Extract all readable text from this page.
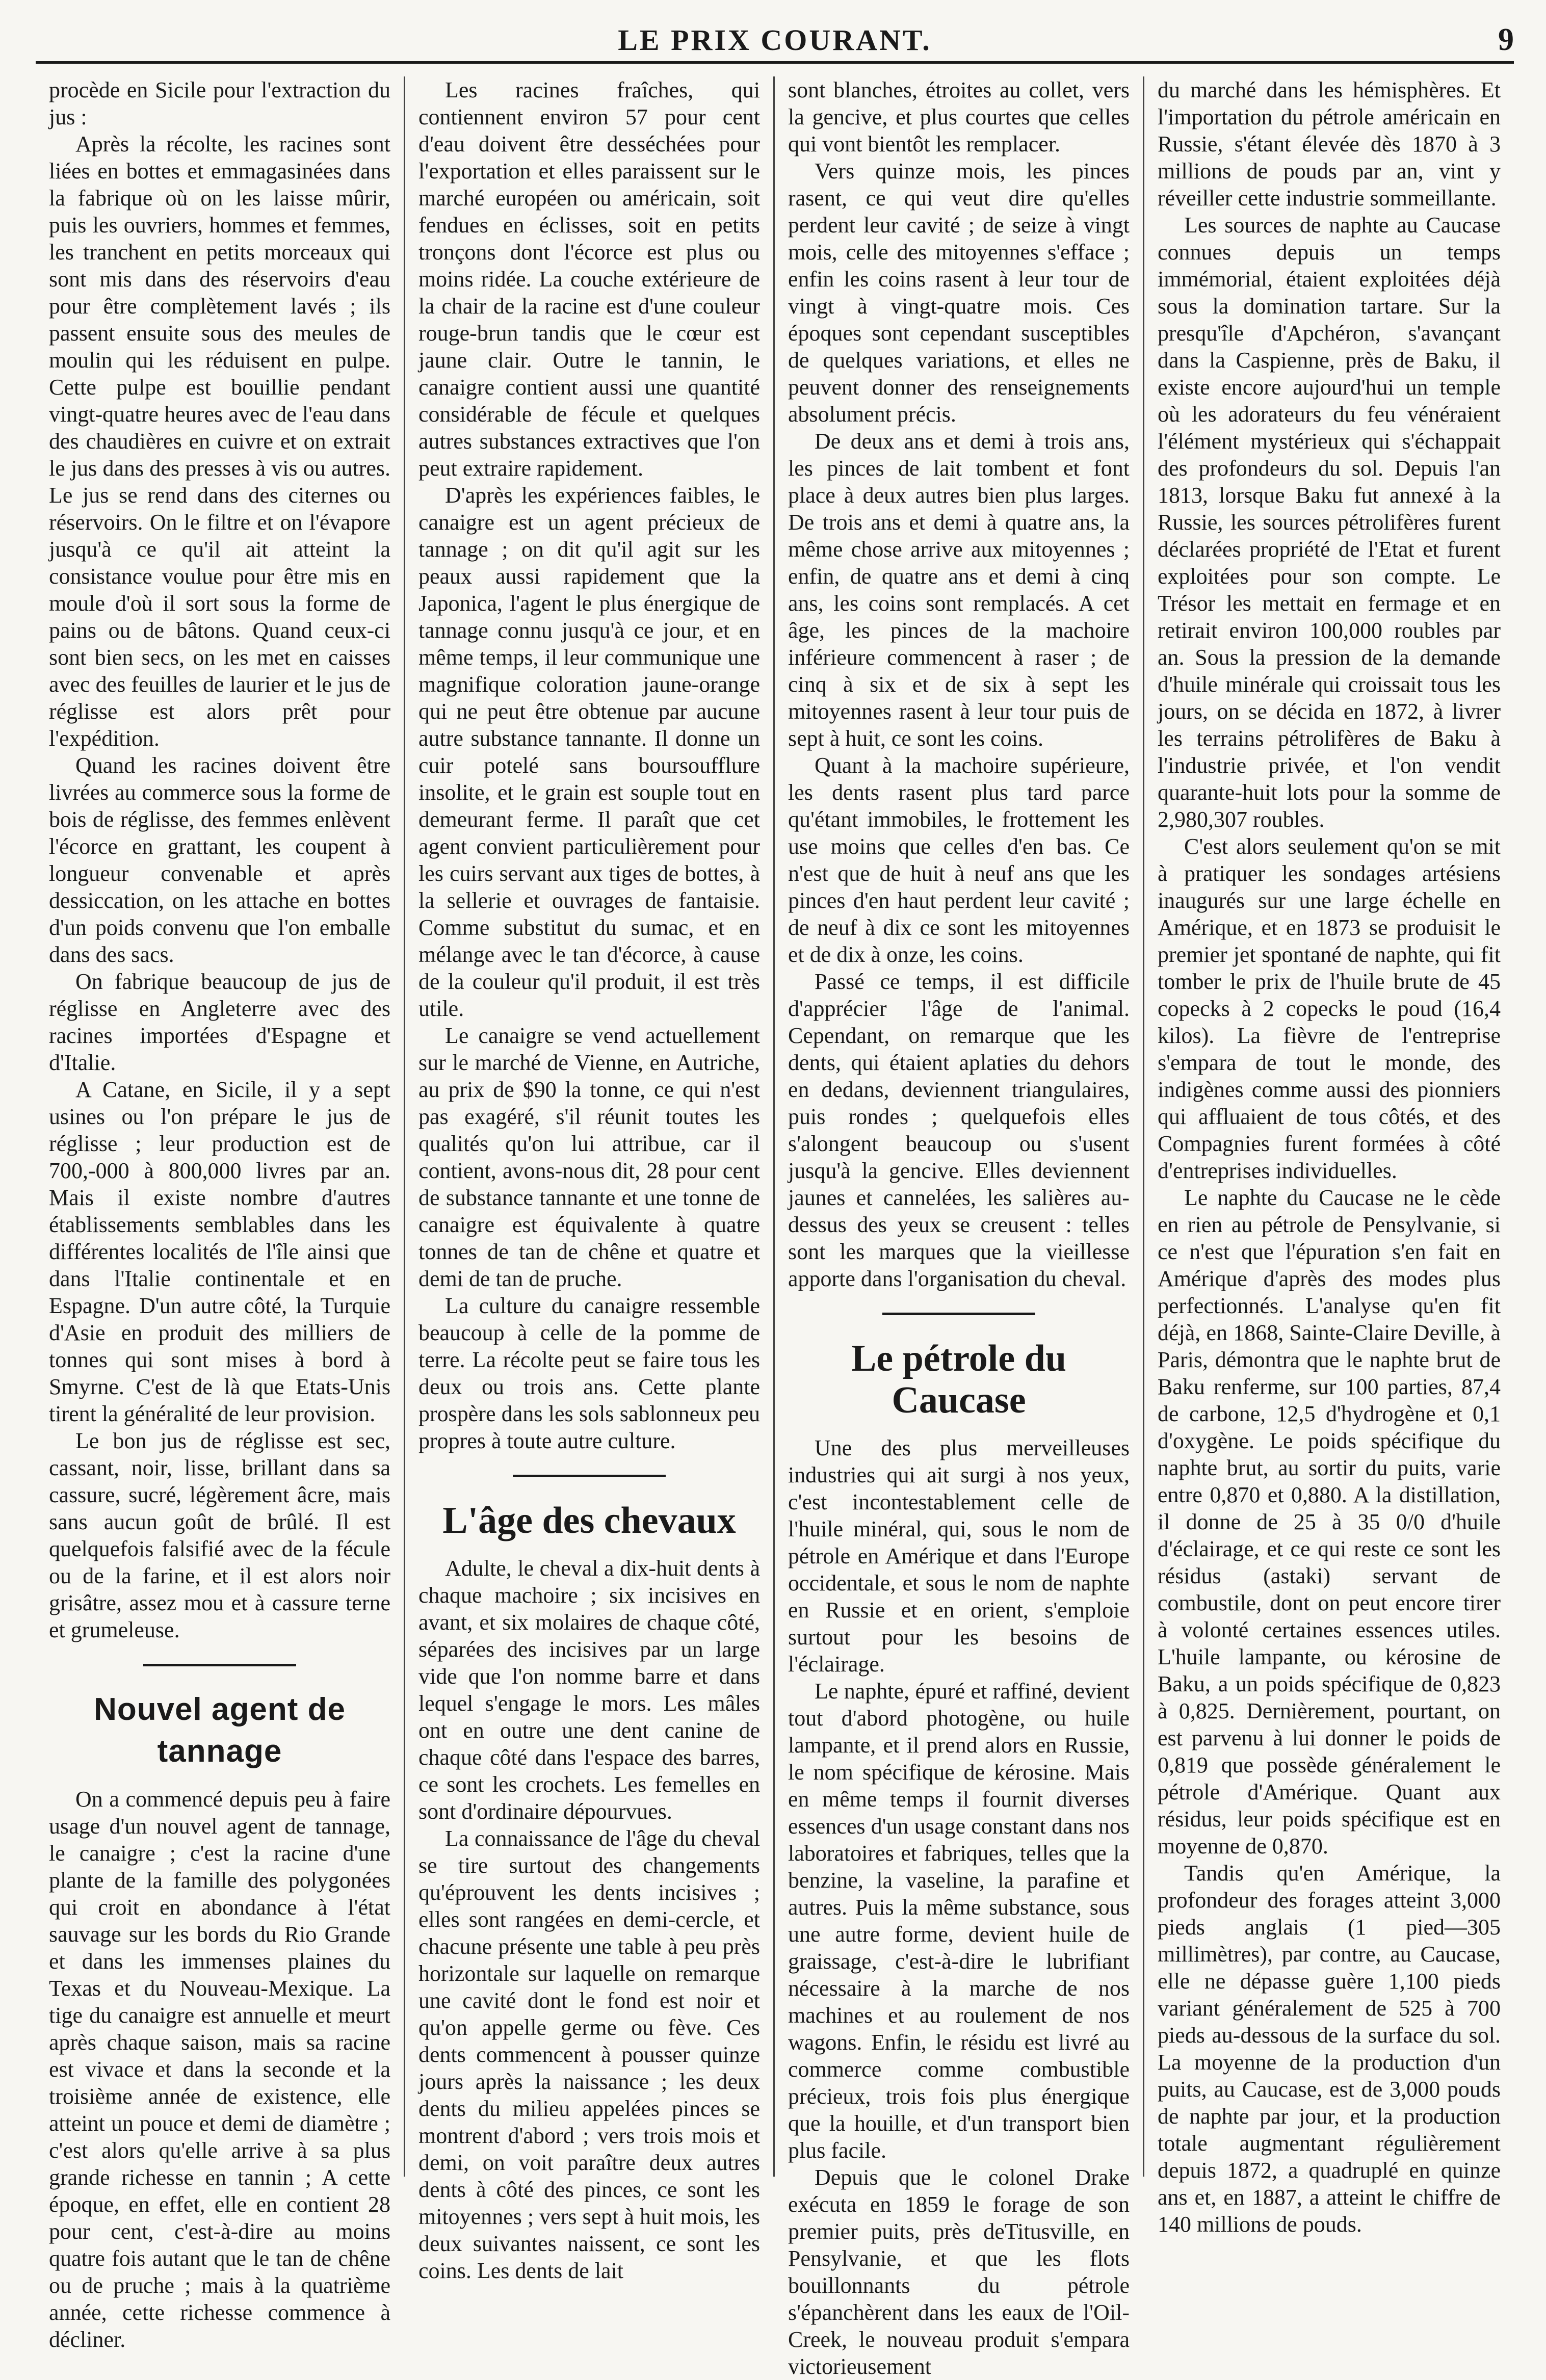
LE PRIX COURANT.	9

procède en Sicile pour l'extraction du jus :

Après la récolte, les racines sont liées en bottes et emmagasinées dans la fabrique où on les laisse mûrir, puis les ouvriers, hommes et femmes, les tranchent en petits morceaux qui sont mis dans des réservoirs d'eau pour être complètement lavés ; ils passent ensuite sous des meules de moulin qui les réduisent en pulpe. Cette pulpe est bouillie pendant vingt-quatre heures avec de l'eau dans des chaudières en cuivre et on extrait le jus dans des presses à vis ou autres. Le jus se rend dans des citernes ou réservoirs. On le filtre et on l'évapore jusqu'à ce qu'il ait atteint la consistance voulue pour être mis en moule d'où il sort sous la forme de pains ou de bâtons. Quand ceux-ci sont bien secs, on les met en caisses avec des feuilles de laurier et le jus de réglisse est alors prêt pour l'expédition.

Quand les racines doivent être livrées au commerce sous la forme de bois de réglisse, des femmes enlèvent l'écorce en grattant, les coupent à longueur convenable et après dessiccation, on les attache en bottes d'un poids convenu que l'on emballe dans des sacs.

On fabrique beaucoup de jus de réglisse en Angleterre avec des racines importées d'Espagne et d'Italie.

A Catane, en Sicile, il y a sept usines ou l'on prépare le jus de réglisse ; leur production est de 700,-000 à 800,000 livres par an. Mais il existe nombre d'autres établissements semblables dans les différentes localités de l'île ainsi que dans l'Italie continentale et en Espagne. D'un autre côté, la Turquie d'Asie en produit des milliers de tonnes qui sont mises à bord à Smyrne. C'est de là que Etats-Unis tirent la généralité de leur provision.

Le bon jus de réglisse est sec, cassant, noir, lisse, brillant dans sa cassure, sucré, légèrement âcre, mais sans aucun goût de brûlé. Il est quelquefois falsifié avec de la fécule ou de la farine, et il est alors noir grisâtre, assez mou et à cassure terne et grumeleuse.

Nouvel agent de tannage

On a commencé depuis peu à faire usage d'un nouvel agent de tannage, le canaigre ; c'est la racine d'une plante de la famille des polygonées qui croit en abondance à l'état sauvage sur les bords du Rio Grande et dans les immenses plaines du Texas et du Nouveau-Mexique. La tige du canaigre est annuelle et meurt après chaque saison, mais sa racine est vivace et dans la seconde et la troisième année de existence, elle atteint un pouce et demi de diamètre ; c'est alors qu'elle arrive à sa plus grande richesse en tannin ; A cette époque, en effet, elle en contient 28 pour cent, c'est-à-dire au moins quatre fois autant que le tan de chêne ou de pruche ; mais à la quatrième année, cette richesse commence à décliner.

Les racines fraîches, qui contiennent environ 57 pour cent d'eau doivent être desséchées pour l'exportation et elles paraissent sur le marché européen ou américain, soit fendues en éclisses, soit en petits tronçons dont l'écorce est plus ou moins ridée. La couche extérieure de la chair de la racine est d'une couleur rouge-brun tandis que le cœur est jaune clair. Outre le tannin, le canaigre contient aussi une quantité considérable de fécule et quelques autres substances extractives que l'on peut extraire rapidement.

D'après les expériences faibles, le canaigre est un agent précieux de tannage ; on dit qu'il agit sur les peaux aussi rapidement que la Japonica, l'agent le plus énergique de tannage connu jusqu'à ce jour, et en même temps, il leur communique une magnifique coloration jaune-orange qui ne peut être obtenue par aucune autre substance tannante. Il donne un cuir potelé sans boursoufflure insolite, et le grain est souple tout en demeurant ferme. Il paraît que cet agent convient particulièrement pour les cuirs servant aux tiges de bottes, à la sellerie et ouvrages de fantaisie. Comme substitut du sumac, et en mélange avec le tan d'écorce, à cause de la couleur qu'il produit, il est très utile.

Le canaigre se vend actuellement sur le marché de Vienne, en Autriche, au prix de $90 la tonne, ce qui n'est pas exagéré, s'il réunit toutes les qualités qu'on lui attribue, car il contient, avons-nous dit, 28 pour cent de substance tannante et une tonne de canaigre est équivalente à quatre tonnes de tan de chêne et quatre et demi de tan de pruche.

La culture du canaigre ressemble beaucoup à celle de la pomme de terre. La récolte peut se faire tous les deux ou trois ans. Cette plante prospère dans les sols sablonneux peu propres à toute autre culture.

L'âge des chevaux

Adulte, le cheval a dix-huit dents à chaque machoire ; six incisives en avant, et six molaires de chaque côté, séparées des incisives par un large vide que l'on nomme barre et dans lequel s'engage le mors. Les mâles ont en outre une dent canine de chaque côté dans l'espace des barres, ce sont les crochets. Les femelles en sont d'ordinaire dépourvues.

La connaissance de l'âge du cheval se tire surtout des changements qu'éprouvent les dents incisives ; elles sont rangées en demi-cercle, et chacune présente une table à peu près horizontale sur laquelle on remarque une cavité dont le fond est noir et qu'on appelle germe ou fève. Ces dents commencent à pousser quinze jours après la naissance ; les deux dents du milieu appelées pinces se montrent d'abord ; vers trois mois et demi, on voit paraître deux autres dents à côté des pinces, ce sont les mitoyennes ; vers sept à huit mois, les deux suivantes naissent, ce sont les coins. Les dents de lait

sont blanches, étroites au collet, vers la gencive, et plus courtes que celles qui vont bientôt les remplacer.

Vers quinze mois, les pinces rasent, ce qui veut dire qu'elles perdent leur cavité ; de seize à vingt mois, celle des mitoyennes s'efface ; enfin les coins rasent à leur tour de vingt à vingt-quatre mois. Ces époques sont cependant susceptibles de quelques variations, et elles ne peuvent donner des renseignements absolument précis.

De deux ans et demi à trois ans, les pinces de lait tombent et font place à deux autres bien plus larges. De trois ans et demi à quatre ans, la même chose arrive aux mitoyennes ; enfin, de quatre ans et demi à cinq ans, les coins sont remplacés. A cet âge, les pinces de la machoire inférieure commencent à raser ; de cinq à six et de six à sept les mitoyennes rasent à leur tour puis de sept à huit, ce sont les coins.

Quant à la machoire supérieure, les dents rasent plus tard parce qu'étant immobiles, le frottement les use moins que celles d'en bas. Ce n'est que de huit à neuf ans que les pinces d'en haut perdent leur cavité ; de neuf à dix ce sont les mitoyennes et de dix à onze, les coins.

Passé ce temps, il est difficile d'apprécier l'âge de l'animal. Cependant, on remarque que les dents, qui étaient aplaties du dehors en dedans, deviennent triangulaires, puis rondes ; quelquefois elles s'alongent beaucoup ou s'usent jusqu'à la gencive. Elles deviennent jaunes et cannelées, les salières au-dessus des yeux se creusent : telles sont les marques que la vieillesse apporte dans l'organisation du cheval.

Le pétrole du Caucase

Une des plus merveilleuses industries qui ait surgi à nos yeux, c'est incontestablement celle de l'huile minéral, qui, sous le nom de pétrole en Amérique et dans l'Europe occidentale, et sous le nom de naphte en Russie et en orient, s'emploie surtout pour les besoins de l'éclairage.

Le naphte, épuré et raffiné, devient tout d'abord photogène, ou huile lampante, et il prend alors en Russie, le nom spécifique de kérosine. Mais en même temps il fournit diverses essences d'un usage constant dans nos laboratoires et fabriques, telles que la benzine, la vaseline, la parafine et autres. Puis la même substance, sous une autre forme, devient huile de graissage, c'est-à-dire le lubrifiant nécessaire à la marche de nos machines et au roulement de nos wagons. Enfin, le résidu est livré au commerce comme combustible précieux, trois fois plus énergique que la houille, et d'un transport bien plus facile.

Depuis que le colonel Drake exécuta en 1859 le forage de son premier puits, près deTitusville, en Pensylvanie, et que les flots bouillonnants du pétrole s'épanchèrent dans les eaux de l'Oil-Creek, le nouveau produit s'empara victorieusement

du marché dans les hémisphères. Et l'importation du pétrole américain en Russie, s'étant élevée dès 1870 à 3 millions de pouds par an, vint y réveiller cette industrie sommeillante.

Les sources de naphte au Caucase connues depuis un temps immémorial, étaient exploitées déjà sous la domination tartare. Sur la presqu'île d'Apchéron, s'avançant dans la Caspienne, près de Baku, il existe encore aujourd'hui un temple où les adorateurs du feu vénéraient l'élément mystérieux qui s'échappait des profondeurs du sol. Depuis l'an 1813, lorsque Baku fut annexé à la Russie, les sources pétrolifères furent déclarées propriété de l'Etat et furent exploitées pour son compte. Le Trésor les mettait en fermage et en retirait environ 100,000 roubles par an. Sous la pression de la demande d'huile minérale qui croissait tous les jours, on se décida en 1872, à livrer les terrains pétrolifères de Baku à l'industrie privée, et l'on vendit quarante-huit lots pour la somme de 2,980,307 roubles.

C'est alors seulement qu'on se mit à pratiquer les sondages artésiens inaugurés sur une large échelle en Amérique, et en 1873 se produisit le premier jet spontané de naphte, qui fit tomber le prix de l'huile brute de 45 copecks à 2 copecks le poud (16,4 kilos). La fièvre de l'entreprise s'empara de tout le monde, des indigènes comme aussi des pionniers qui affluaient de tous côtés, et des Compagnies furent formées à côté d'entreprises individuelles.

Le naphte du Caucase ne le cède en rien au pétrole de Pensylvanie, si ce n'est que l'épuration s'en fait en Amérique d'après des modes plus perfectionnés. L'analyse qu'en fit déjà, en 1868, Sainte-Claire Deville, à Paris, démontra que le naphte brut de Baku renferme, sur 100 parties, 87,4 de carbone, 12,5 d'hydrogène et 0,1 d'oxygène. Le poids spécifique du naphte brut, au sortir du puits, varie entre 0,870 et 0,880. A la distillation, il donne de 25 à 35 0/0 d'huile d'éclairage, et ce qui reste ce sont les résidus (astaki) servant de combustile, dont on peut encore tirer à volonté certaines essences utiles. L'huile lampante, ou kérosine de Baku, a un poids spécifique de 0,823 à 0,825. Dernièrement, pourtant, on est parvenu à lui donner le poids de 0,819 que possède généralement le pétrole d'Amérique. Quant aux résidus, leur poids spécifique est en moyenne de 0,870.

Tandis qu'en Amérique, la profondeur des forages atteint 3,000 pieds anglais (1 pied—305 millimètres), par contre, au Caucase, elle ne dépasse guère 1,100 pieds variant généralement de 525 à 700 pieds au-dessous de la surface du sol. La moyenne de la production d'un puits, au Caucase, est de 3,000 pouds de naphte par jour, et la production totale augmentant régulièrement depuis 1872, a quadruplé en quinze ans et, en 1887, a atteint le chiffre de 140 millions de pouds.
